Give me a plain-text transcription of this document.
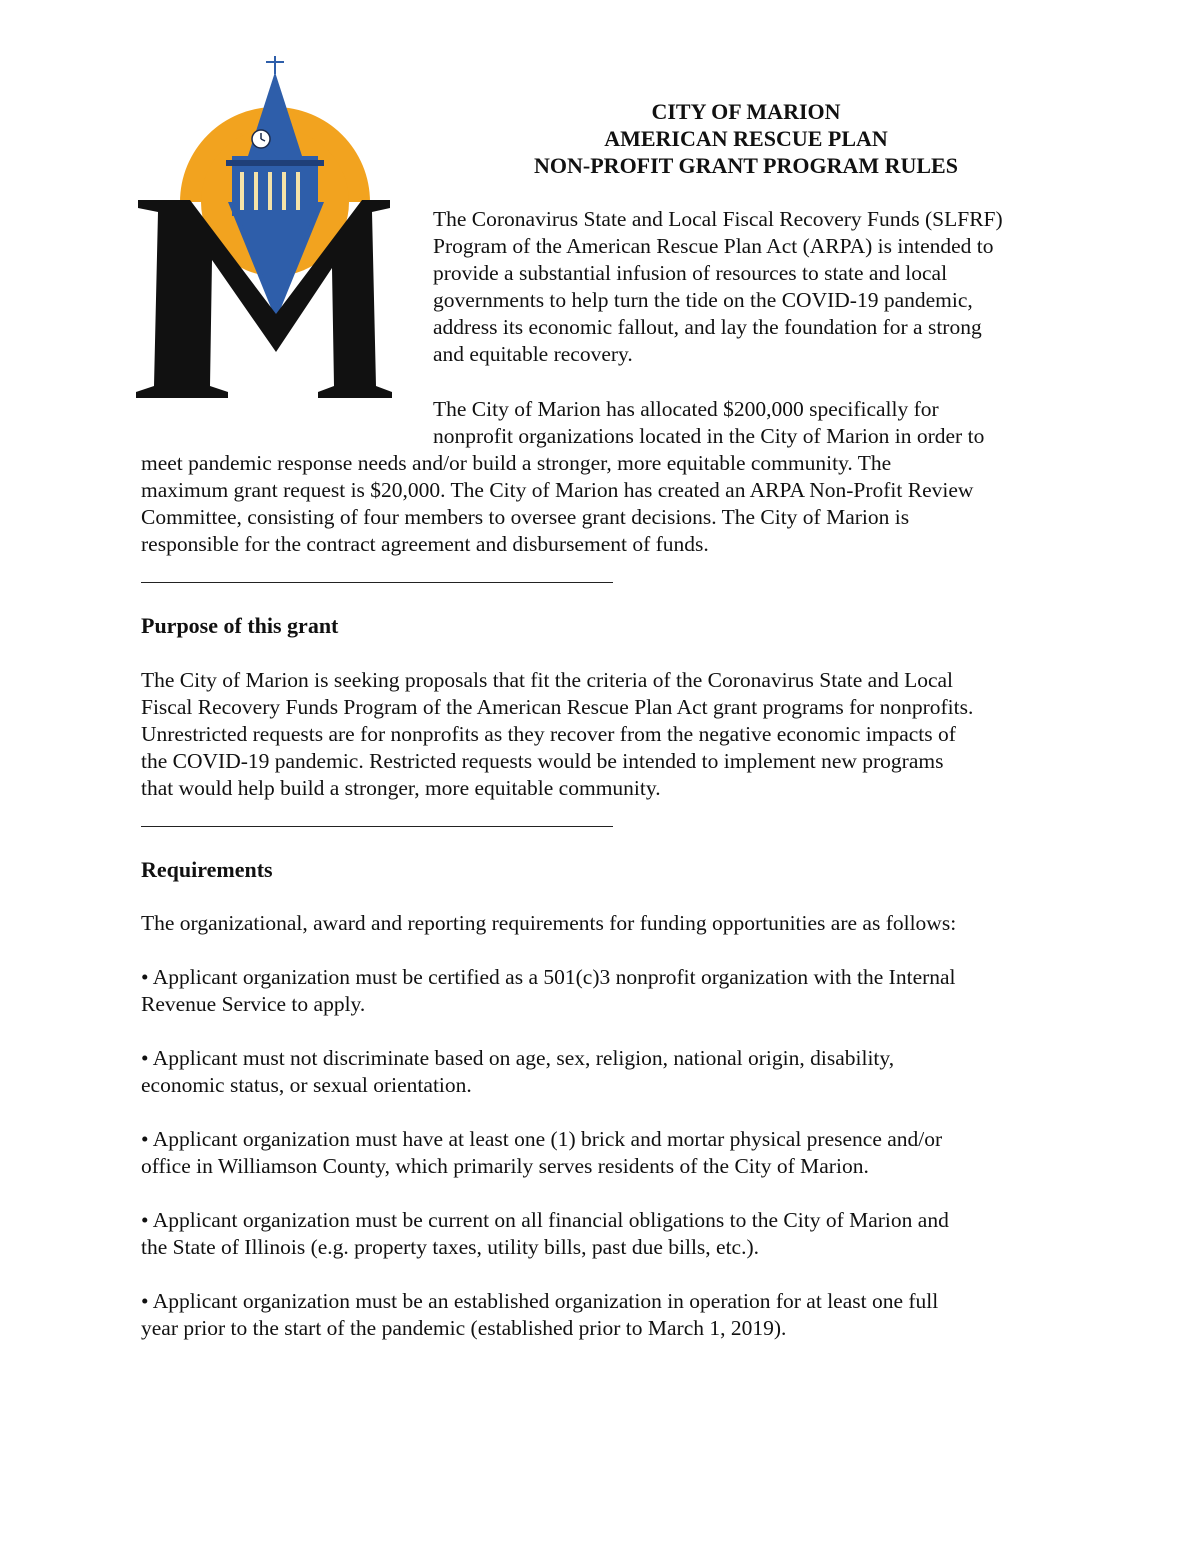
CITY OF MARION
AMERICAN RESCUE PLAN
NON-PROFIT GRANT PROGRAM RULES

The Coronavirus State and Local Fiscal Recovery Funds (SLFRF)
Program of the American Rescue Plan Act (ARPA) is intended to
provide a substantial infusion of resources to state and local
governments to help turn the tide on the COVID-19 pandemic,
address its economic fallout, and lay the foundation for a strong
and equitable recovery.

The City of Marion has allocated $200,000 specifically for
nonprofit organizations located in the City of Marion in order to

meet pandemic response needs and/or build a stronger, more equitable community. The
maximum grant request is $20,000. The City of Marion has created an ARPA Non-Profit Review
Committee, consisting of four members to oversee grant decisions. The City of Marion is
responsible for the contract agreement and disbursement of funds.

Purpose of this grant

The City of Marion is seeking proposals that fit the criteria of the Coronavirus State and Local
Fiscal Recovery Funds Program of the American Rescue Plan Act grant programs for nonprofits.
Unrestricted requests are for nonprofits as they recover from the negative economic impacts of
the COVID-19 pandemic. Restricted requests would be intended to implement new programs
that would help build a stronger, more equitable community.

Requirements

The organizational, award and reporting requirements for funding opportunities are as follows:

• Applicant organization must be certified as a 501(c)3 nonprofit organization with the Internal
Revenue Service to apply.

• Applicant must not discriminate based on age, sex, religion, national origin, disability,
economic status, or sexual orientation.

• Applicant organization must have at least one (1) brick and mortar physical presence and/or
office in Williamson County, which primarily serves residents of the City of Marion.

• Applicant organization must be current on all financial obligations to the City of Marion and
the State of Illinois (e.g. property taxes, utility bills, past due bills, etc.).

• Applicant organization must be an established organization in operation for at least one full
year prior to the start of the pandemic (established prior to March 1, 2019).
